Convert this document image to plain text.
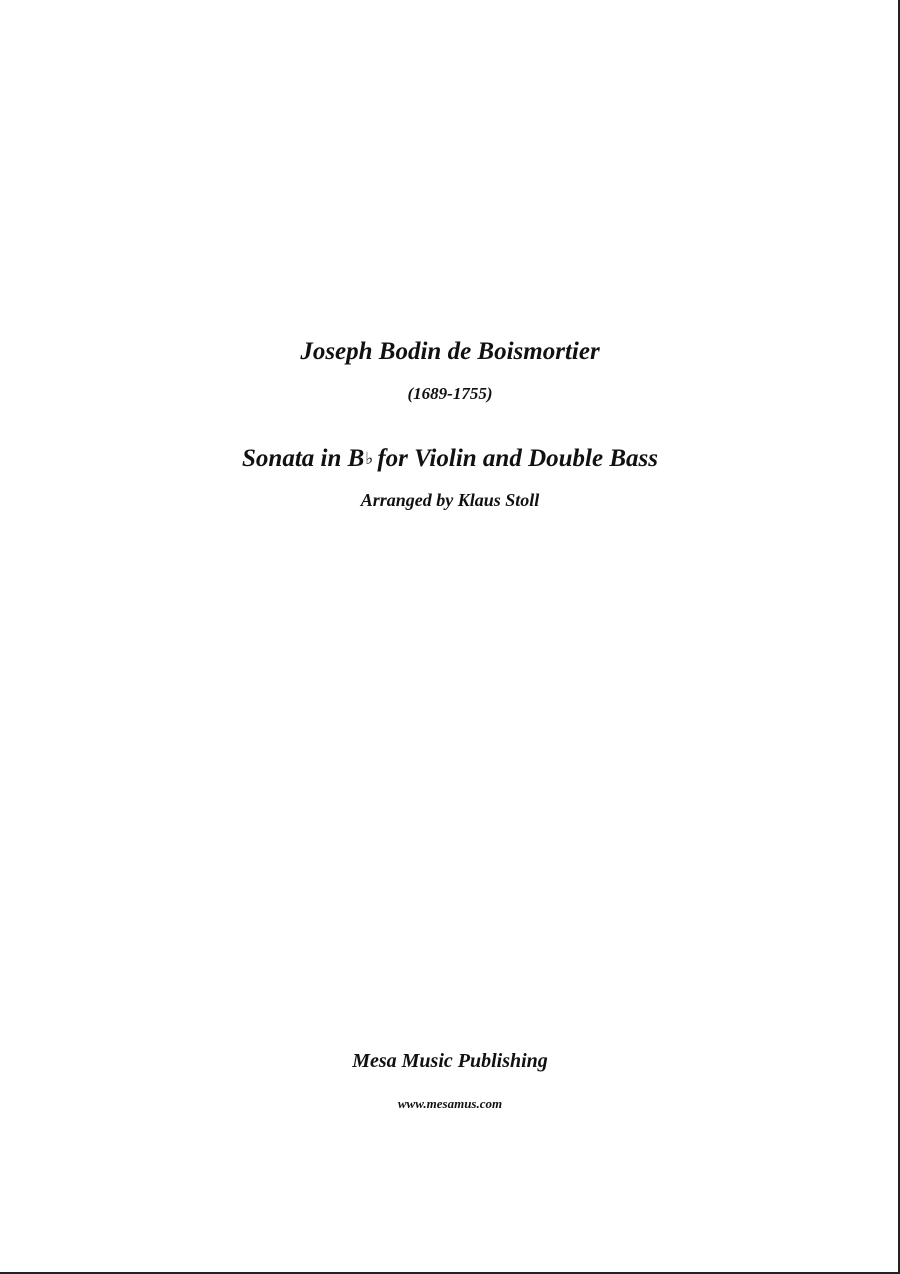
Joseph Bodin de Boismortier
(1689-1755)
Sonata in B♭ for Violin and Double Bass
Arranged by Klaus Stoll
Mesa Music Publishing
www.mesamus.com
